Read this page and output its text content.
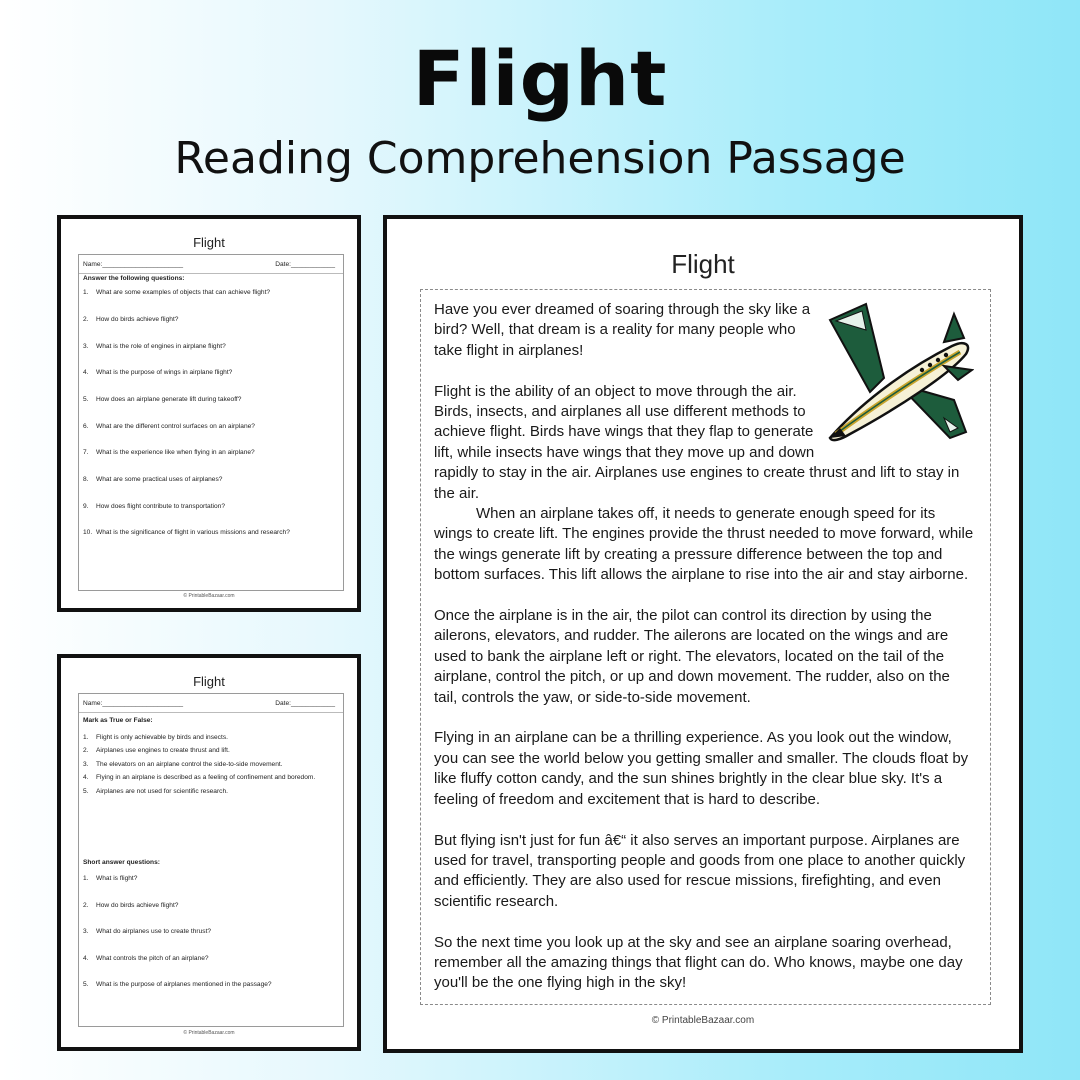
Flight
Reading Comprehension Passage
Flight
Name:______________________	Date:____________
Answer the following questions:
1. What are some examples of objects that can achieve flight?
2. How do birds achieve flight?
3. What is the role of engines in airplane flight?
4. What is the purpose of wings in airplane flight?
5. How does an airplane generate lift during takeoff?
6. What are the different control surfaces on an airplane?
7. What is the experience like when flying in an airplane?
8. What are some practical uses of airplanes?
9. How does flight contribute to transportation?
10. What is the significance of flight in various missions and research?
© PrintableBazaar.com
Flight
Name:______________________	Date:____________
Mark as True or False:
1. Flight is only achievable by birds and insects.
2. Airplanes use engines to create thrust and lift.
3. The elevators on an airplane control the side-to-side movement.
4. Flying in an airplane is described as a feeling of confinement and boredom.
5. Airplanes are not used for scientific research.
Short answer questions:
1. What is flight?
2. How do birds achieve flight?
3. What do airplanes use to create thrust?
4. What controls the pitch of an airplane?
5. What is the purpose of airplanes mentioned in the passage?
© PrintableBazaar.com
Flight

Have you ever dreamed of soaring through the sky like a bird? Well, that dream is a reality for many people who take flight in airplanes!

Flight is the ability of an object to move through the air. Birds, insects, and airplanes all use different methods to achieve flight. Birds have wings that they flap to generate lift, while insects have wings that they move up and down rapidly to stay in the air. Airplanes use engines to create thrust and lift to stay in the air.

When an airplane takes off, it needs to generate enough speed for its wings to create lift. The engines provide the thrust needed to move forward, while the wings generate lift by creating a pressure difference between the top and bottom surfaces. This lift allows the airplane to rise into the air and stay airborne.

Once the airplane is in the air, the pilot can control its direction by using the ailerons, elevators, and rudder. The ailerons are located on the wings and are used to bank the airplane left or right. The elevators, located on the tail of the airplane, control the pitch, or up and down movement. The rudder, also on the tail, controls the yaw, or side-to-side movement.

Flying in an airplane can be a thrilling experience. As you look out the window, you can see the world below you getting smaller and smaller. The clouds float by like fluffy cotton candy, and the sun shines brightly in the clear blue sky. It's a feeling of freedom and excitement that is hard to describe.

But flying isn't just for fun â€“ it also serves an important purpose. Airplanes are used for travel, transporting people and goods from one place to another quickly and efficiently. They are also used for rescue missions, firefighting, and even scientific research.

So the next time you look up at the sky and see an airplane soaring overhead, remember all the amazing things that flight can do. Who knows, maybe one day you'll be the one flying high in the sky!

© PrintableBazaar.com
